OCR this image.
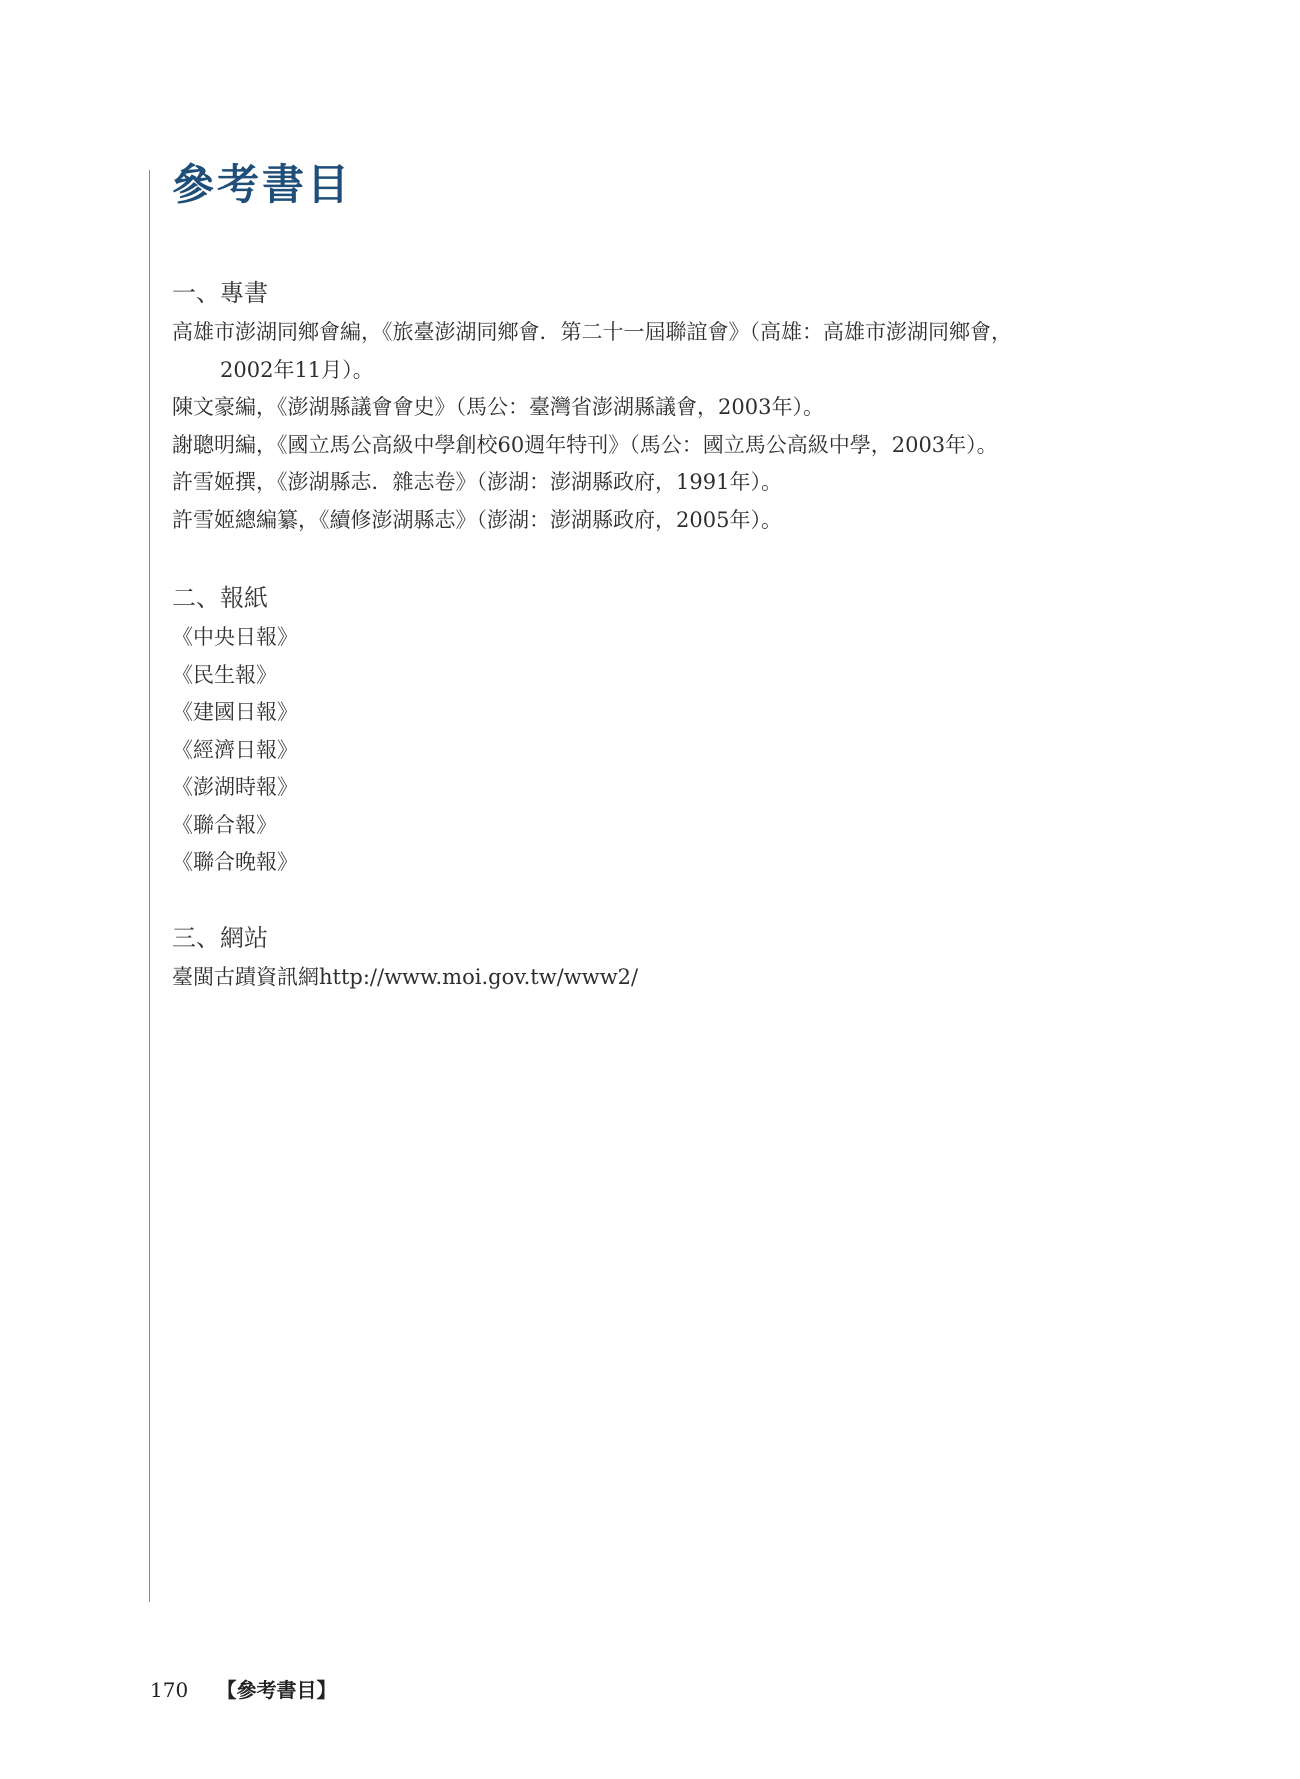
參考書目
一、專書
高雄市澎湖同鄉會編，《旅臺澎湖同鄉會．第二十一屆聯誼會》（高雄：高雄市澎湖同鄉會，
2002年11月）。
陳文豪編，《澎湖縣議會會史》（馬公：臺灣省澎湖縣議會，2003年）。
謝聰明編，《國立馬公高級中學創校60週年特刊》（馬公：國立馬公高級中學，2003年）。
許雪姬撰，《澎湖縣志．雜志卷》（澎湖：澎湖縣政府，1991年）。
許雪姬總編纂，《續修澎湖縣志》（澎湖：澎湖縣政府，2005年）。
二、報紙
《中央日報》
《民生報》
《建國日報》
《經濟日報》
《澎湖時報》
《聯合報》
《聯合晚報》
三、網站
臺閩古蹟資訊網http://www.moi.gov.tw/www2/
170 【參考書目】
